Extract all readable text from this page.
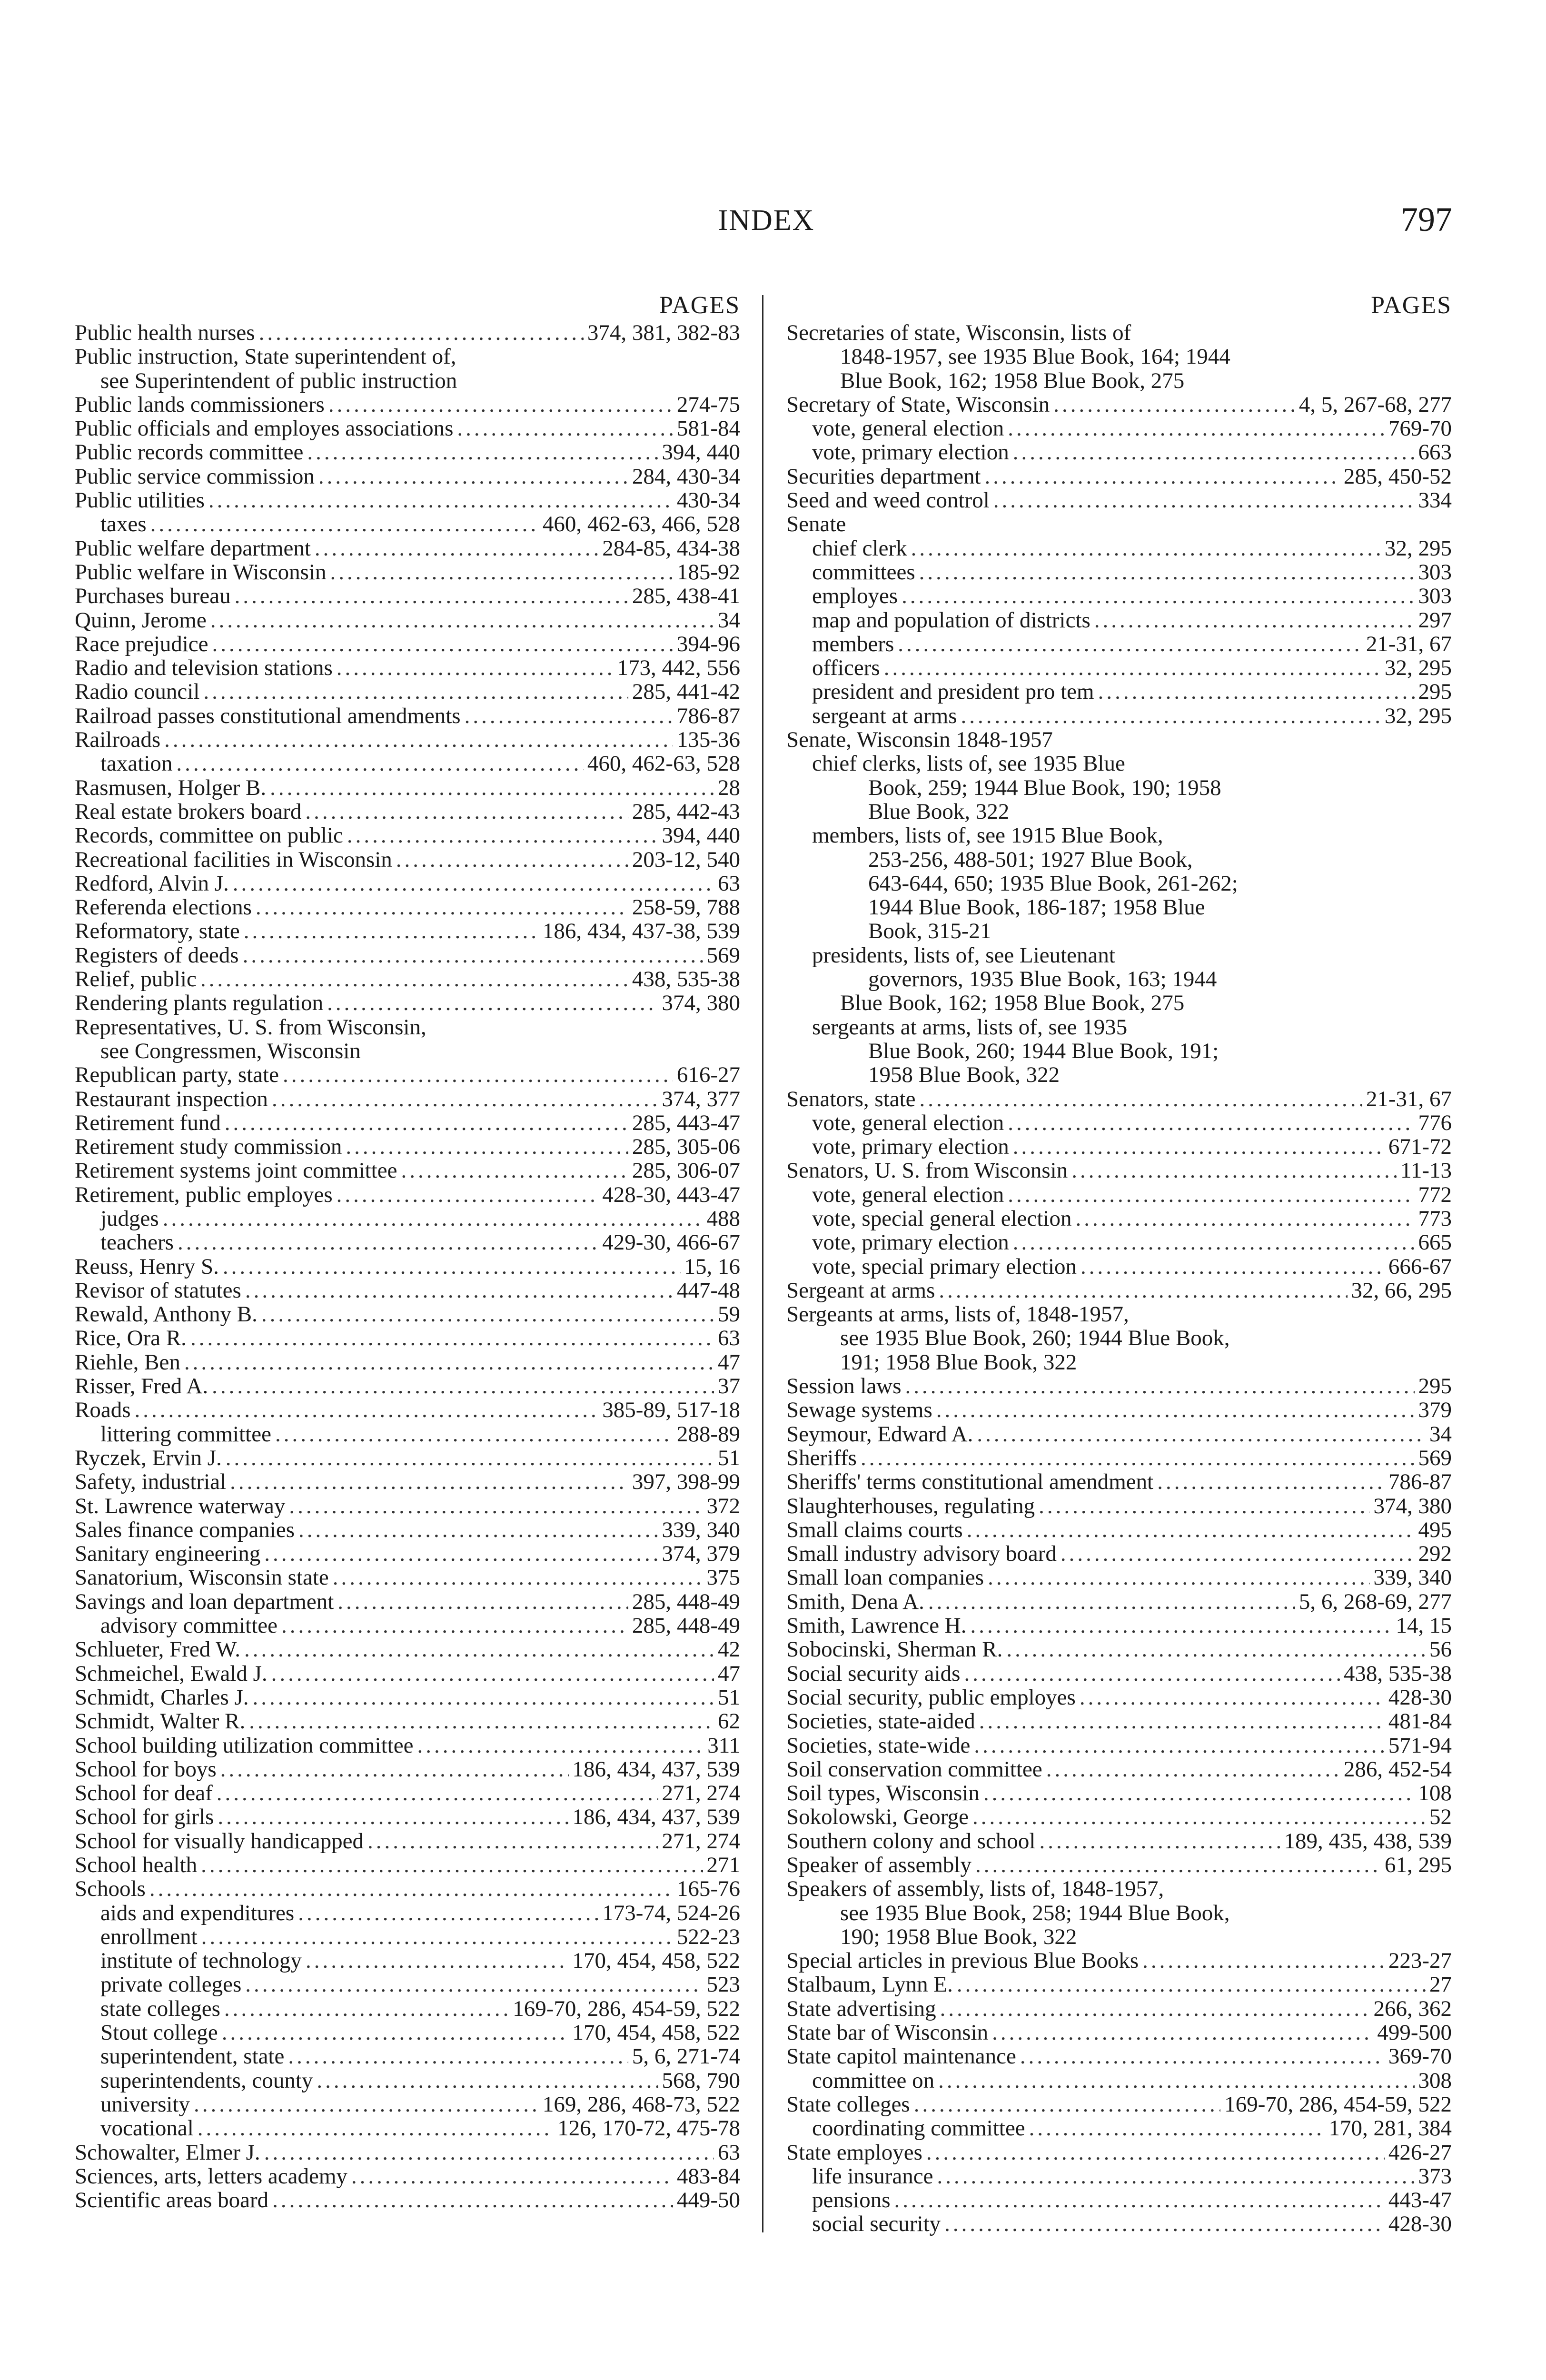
INDEX	797
PAGES
Public health nurses .....	374, 381, 382-83
Public instruction, State superintendent of,
see Superintendent of public instruction
Public lands commissioners .....	274-75
Public officials and employes associations .....	581-84
Public records committee .....	394, 440
Public service commission .....	284, 430-34
Public utilities .....	430-34
taxes .....	460, 462-63, 466, 528
Public welfare department .....	284-85, 434-38
Public welfare in Wisconsin .....	185-92
Purchases bureau .....	285, 438-41
Quinn, Jerome .....	34
Race prejudice .....	394-96
Radio and television stations .....	173, 442, 556
Radio council .....	285, 441-42
Railroad passes constitutional amendments .....	786-87
Railroads .....	135-36
taxation .....	460, 462-63, 528
Rasmusen, Holger B. .....	28
Real estate brokers board .....	285, 442-43
Records, committee on public .....	394, 440
Recreational facilities in Wisconsin .....	203-12, 540
Redford, Alvin J. .....	63
Referenda elections .....	258-59, 788
Reformatory, state .....	186, 434, 437-38, 539
Registers of deeds .....	569
Relief, public .....	438, 535-38
Rendering plants regulation .....	374, 380
Representatives, U. S. from Wisconsin,
see Congressmen, Wisconsin
Republican party, state .....	616-27
Restaurant inspection .....	374, 377
Retirement fund .....	285, 443-47
Retirement study commission .....	285, 305-06
Retirement systems joint committee .....	285, 306-07
Retirement, public employes .....	428-30, 443-47
judges .....	488
teachers .....	429-30, 466-67
Reuss, Henry S. .....	15, 16
Revisor of statutes .....	447-48
Rewald, Anthony B. .....	59
Rice, Ora R. .....	63
Riehle, Ben .....	47
Risser, Fred A. .....	37
Roads .....	385-89, 517-18
littering committee .....	288-89
Ryczek, Ervin J. .....	51
Safety, industrial .....	397, 398-99
St. Lawrence waterway .....	372
Sales finance companies .....	339, 340
Sanitary engineering .....	374, 379
Sanatorium, Wisconsin state .....	375
Savings and loan department .....	285, 448-49
advisory committee .....	285, 448-49
Schlueter, Fred W. .....	42
Schmeichel, Ewald J. .....	47
Schmidt, Charles J. .....	51
Schmidt, Walter R. .....	62
School building utilization committee .....	311
School for boys .....	186, 434, 437, 539
School for deaf .....	271, 274
School for girls .....	186, 434, 437, 539
School for visually handicapped .....	271, 274
School health .....	271
Schools .....	165-76
aids and expenditures .....	173-74, 524-26
enrollment .....	522-23
institute of technology .....	170, 454, 458, 522
private colleges .....	523
state colleges .....	169-70, 286, 454-59, 522
Stout college .....	170, 454, 458, 522
superintendent, state .....	5, 6, 271-74
superintendents, county .....	568, 790
university .....	169, 286, 468-73, 522
vocational .....	126, 170-72, 475-78
Schowalter, Elmer J. .....	63
Sciences, arts, letters academy .....	483-84
Scientific areas board .....	449-50
PAGES
Secretaries of state, Wisconsin, lists of
1848-1957, see 1935 Blue Book, 164; 1944
Blue Book, 162; 1958 Blue Book, 275
Secretary of State, Wisconsin .....	4, 5, 267-68, 277
vote, general election .....	769-70
vote, primary election .....	663
Securities department .....	285, 450-52
Seed and weed control .....	334
Senate
chief clerk .....	32, 295
committees .....	303
employes .....	303
map and population of districts .....	297
members .....	21-31, 67
officers .....	32, 295
president and president pro tem .....	295
sergeant at arms .....	32, 295
Senate, Wisconsin 1848-1957
chief clerks, lists of, see 1935 Blue
Book, 259; 1944 Blue Book, 190; 1958
Blue Book, 322
members, lists of, see 1915 Blue Book,
253-256, 488-501; 1927 Blue Book,
643-644, 650; 1935 Blue Book, 261-262;
1944 Blue Book, 186-187; 1958 Blue
Book, 315-21
presidents, lists of, see Lieutenant
governors, 1935 Blue Book, 163; 1944
Blue Book, 162; 1958 Blue Book, 275
sergeants at arms, lists of, see 1935
Blue Book, 260; 1944 Blue Book, 191;
1958 Blue Book, 322
Senators, state .....	21-31, 67
vote, general election .....	776
vote, primary election .....	671-72
Senators, U. S. from Wisconsin .....	11-13
vote, general election .....	772
vote, special general election .....	773
vote, primary election .....	665
vote, special primary election .....	666-67
Sergeant at arms .....	32, 66, 295
Sergeants at arms, lists of, 1848-1957,
see 1935 Blue Book, 260; 1944 Blue Book,
191; 1958 Blue Book, 322
Session laws .....	295
Sewage systems .....	379
Seymour, Edward A. .....	34
Sheriffs .....	569
Sheriffs' terms constitutional amendment .....	786-87
Slaughterhouses, regulating .....	374, 380
Small claims courts .....	495
Small industry advisory board .....	292
Small loan companies .....	339, 340
Smith, Dena A. .....	5, 6, 268-69, 277
Smith, Lawrence H. .....	14, 15
Sobocinski, Sherman R. .....	56
Social security aids .....	438, 535-38
Social security, public employes .....	428-30
Societies, state-aided .....	481-84
Societies, state-wide .....	571-94
Soil conservation committee .....	286, 452-54
Soil types, Wisconsin .....	108
Sokolowski, George .....	52
Southern colony and school .....	189, 435, 438, 539
Speaker of assembly .....	61, 295
Speakers of assembly, lists of, 1848-1957,
see 1935 Blue Book, 258; 1944 Blue Book,
190; 1958 Blue Book, 322
Special articles in previous Blue Books .....	223-27
Stalbaum, Lynn E. .....	27
State advertising .....	266, 362
State bar of Wisconsin .....	499-500
State capitol maintenance .....	369-70
committee on .....	308
State colleges .....	169-70, 286, 454-59, 522
coordinating committee .....	170, 281, 384
State employes .....	426-27
life insurance .....	373
pensions .....	443-47
social security .....	428-30
